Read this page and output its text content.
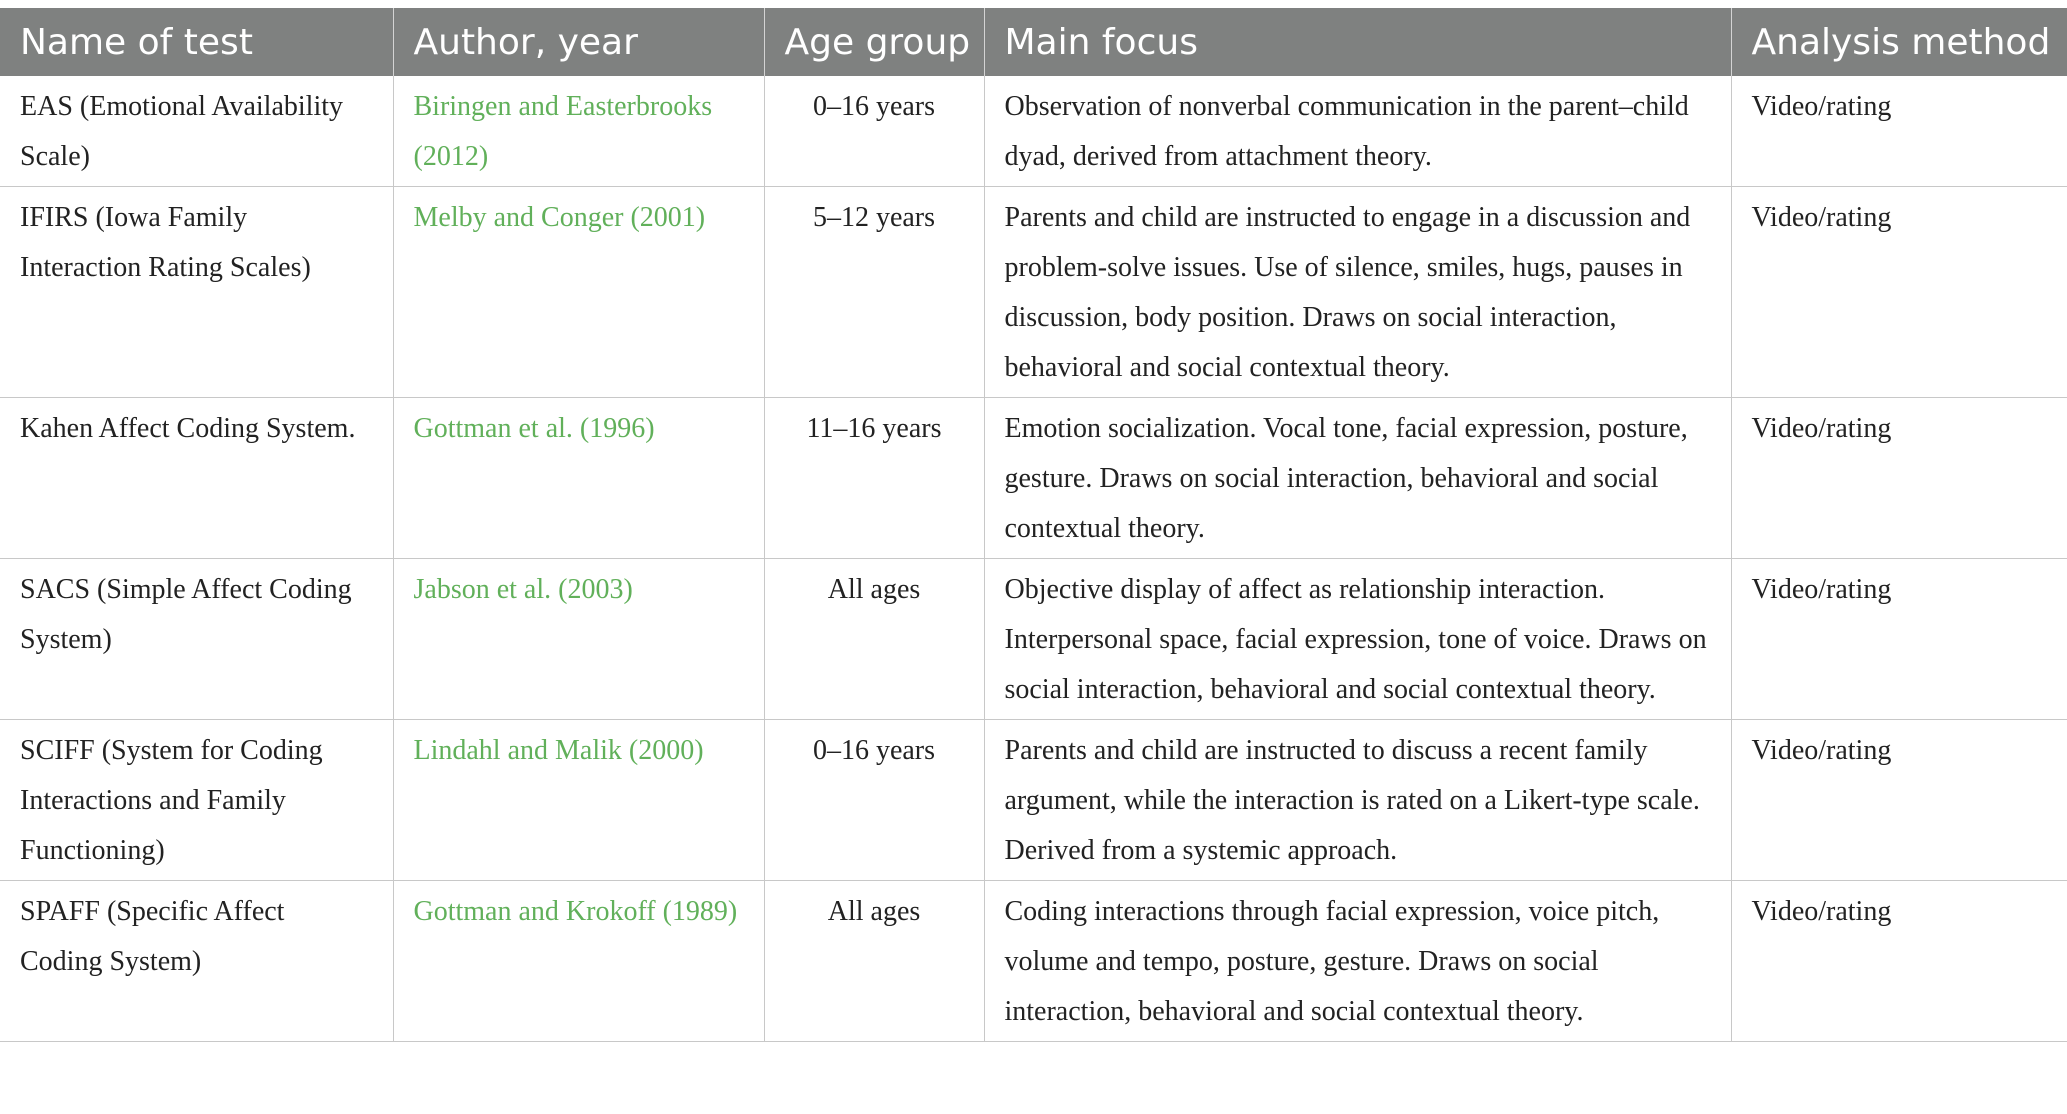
Name of test	Author, year	Age group	Main focus	Analysis method
EAS (Emotional Availability Scale)	Biringen and Easterbrooks (2012)	0–16 years	Observation of nonverbal communication in the parent–child dyad, derived from attachment theory.	Video/rating
IFIRS (Iowa Family Interaction Rating Scales)	Melby and Conger (2001)	5–12 years	Parents and child are instructed to engage in a discussion and problem-solve issues. Use of silence, smiles, hugs, pauses in discussion, body position. Draws on social interaction, behavioral and social contextual theory.	Video/rating
Kahen Affect Coding System.	Gottman et al. (1996)	11–16 years	Emotion socialization. Vocal tone, facial expression, posture, gesture. Draws on social interaction, behavioral and social contextual theory.	Video/rating
SACS (Simple Affect Coding System)	Jabson et al. (2003)	All ages	Objective display of affect as relationship interaction. Interpersonal space, facial expression, tone of voice. Draws on social interaction, behavioral and social contextual theory.	Video/rating
SCIFF (System for Coding Interactions and Family Functioning)	Lindahl and Malik (2000)	0–16 years	Parents and child are instructed to discuss a recent family argument, while the interaction is rated on a Likert-type scale. Derived from a systemic approach.	Video/rating
SPAFF (Specific Affect Coding System)	Gottman and Krokoff (1989)	All ages	Coding interactions through facial expression, voice pitch, volume and tempo, posture, gesture. Draws on social interaction, behavioral and social contextual theory.	Video/rating
